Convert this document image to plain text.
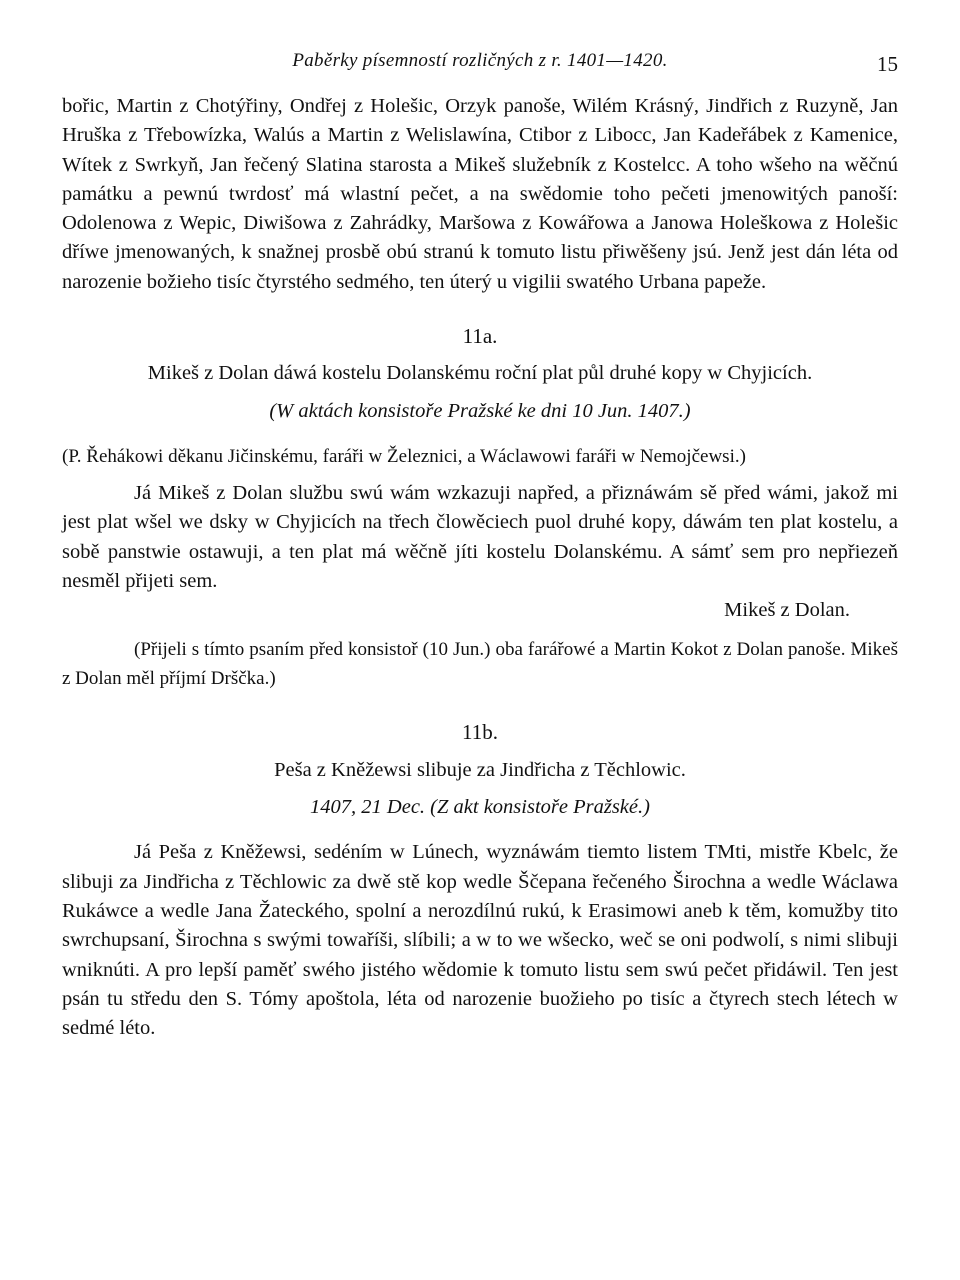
Paběrky písemností rozličných z r. 1401—1420.	15

bořic, Martin z Chotýřiny, Ondřej z Holešic, Orzyk panoše, Wilém Krásný, Jindřich z Ruzyně, Jan Hruška z Třebowízka, Walús a Martin z Welislawína, Ctibor z Libocc, Jan Kadeřábek z Kamenice, Wítek z Swrkyň, Jan řečený Slatina starosta a Mikeš služebník z Kostelcc. A toho wšeho na wěčnú památku a pewnú twrdosť má wlastní pečet, a na swědomie toho pečeti jmenowitých panoší: Odolenowa z Wepic, Diwišowa z Zahrádky, Maršowa z Kowářowa a Janowa Holeškowa z Holešic dříwe jmenowaných, k snažnej prosbě obú stranú k tomuto listu přiwěšeny jsú. Jenž jest dán léta od narozenie božieho tisíc čtyrstého sedmého, ten úterý u vigilii swatého Urbana papeže.

11a.

Mikeš z Dolan dáwá kostelu Dolanskému roční plat půl druhé kopy w Chyjicích.

(W aktách konsistoře Pražské ke dni 10 Jun. 1407.)

(P. Řehákowi děkanu Jičinskému, faráři w Železnici, a Wáclawowi faráři w Nemojčewsi.)

Já Mikeš z Dolan službu swú wám wzkazuji napřed, a přiznáwám sě před wámi, jakož mi jest plat wšel we dsky w Chyjicích na třech člowěciech puol druhé kopy, dáwám ten plat kostelu, a sobě panstwie ostawuji, a ten plat má wěčně jíti kostelu Dolanskému. A sámť sem pro nepřiezeň nesměl přijeti sem.

Mikeš z Dolan.

(Přijeli s tímto psaním před konsistoř (10 Jun.) oba farářowé a Martin Kokot z Dolan panoše. Mikeš z Dolan měl příjmí Drščka.)

11b.

Peša z Kněžewsi slibuje za Jindřicha z Těchlowic.

1407, 21 Dec. (Z akt konsistoře Pražské.)

Já Peša z Kněžewsi, sedéním w Lúnech, wyznáwám tiemto listem TMti, mistře Kbelc, že slibuji za Jindřicha z Těchlowic za dwě stě kop wedle Ščepana řečeného Širochna a wedle Wáclawa Rukáwce a wedle Jana Žateckého, spolní a nerozdílnú rukú, k Erasimowi aneb k těm, komužby tito swrchupsaní, Širochna s swými towaříši, slíbili; a w to we wšecko, weč se oni podwolí, s nimi slibuji wniknúti. A pro lepší paměť swého jistého wědomie k tomuto listu sem swú pečet přidáwil. Ten jest psán tu středu den S. Tómy apoštola, léta od narozenie buožieho po tisíc a čtyrech stech létech w sedmé léto.
